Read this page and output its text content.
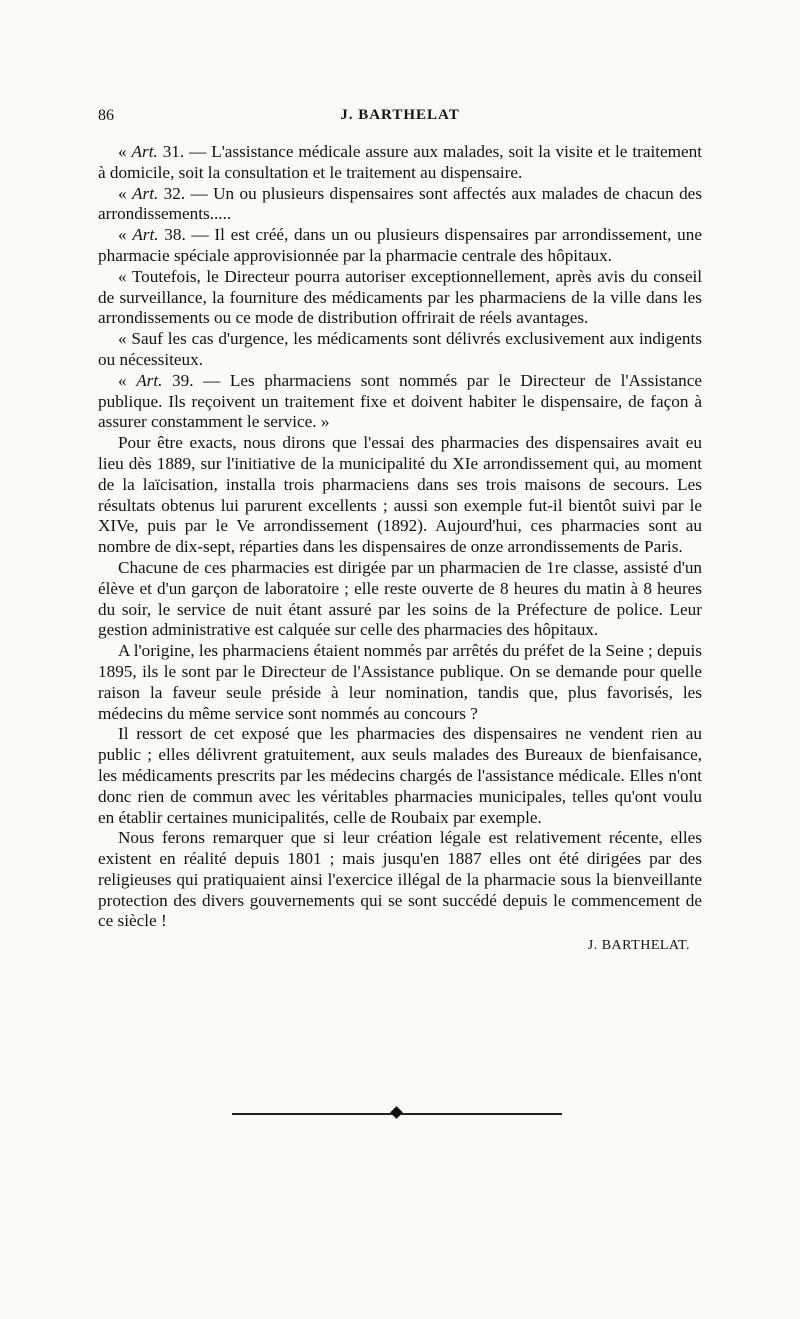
86	J. BARTHELAT

« Art. 31. — L'assistance médicale assure aux malades, soit la visite et le traitement à domicile, soit la consultation et le traitement au dispensaire.

« Art. 32. — Un ou plusieurs dispensaires sont affectés aux malades de chacun des arrondissements.....

« Art. 38. — Il est créé, dans un ou plusieurs dispensaires par arrondissement, une pharmacie spéciale approvisionnée par la pharmacie centrale des hôpitaux.

« Toutefois, le Directeur pourra autoriser exceptionnellement, après avis du conseil de surveillance, la fourniture des médicaments par les pharmaciens de la ville dans les arrondissements ou ce mode de distribution offrirait de réels avantages.

« Sauf les cas d'urgence, les médicaments sont délivrés exclusivement aux indigents ou nécessiteux.

« Art. 39. — Les pharmaciens sont nommés par le Directeur de l'Assistance publique. Ils reçoivent un traitement fixe et doivent habiter le dispensaire, de façon à assurer constamment le service. »

Pour être exacts, nous dirons que l'essai des pharmacies des dispensaires avait eu lieu dès 1889, sur l'initiative de la municipalité du XIe arrondissement qui, au moment de la laïcisation, installa trois pharmaciens dans ses trois maisons de secours. Les résultats obtenus lui parurent excellents ; aussi son exemple fut-il bientôt suivi par le XIVe, puis par le Ve arrondissement (1892). Aujourd'hui, ces pharmacies sont au nombre de dix-sept, réparties dans les dispensaires de onze arrondissements de Paris.

Chacune de ces pharmacies est dirigée par un pharmacien de 1re classe, assisté d'un élève et d'un garçon de laboratoire ; elle reste ouverte de 8 heures du matin à 8 heures du soir, le service de nuit étant assuré par les soins de la Préfecture de police. Leur gestion administrative est calquée sur celle des pharmacies des hôpitaux.

A l'origine, les pharmaciens étaient nommés par arrêtés du préfet de la Seine ; depuis 1895, ils le sont par le Directeur de l'Assistance publique. On se demande pour quelle raison la faveur seule préside à leur nomination, tandis que, plus favorisés, les médecins du même service sont nommés au concours ?

Il ressort de cet exposé que les pharmacies des dispensaires ne vendent rien au public ; elles délivrent gratuitement, aux seuls malades des Bureaux de bienfaisance, les médicaments prescrits par les médecins chargés de l'assistance médicale. Elles n'ont donc rien de commun avec les véritables pharmacies municipales, telles qu'ont voulu en établir certaines municipalités, celle de Roubaix par exemple.

Nous ferons remarquer que si leur création légale est relativement récente, elles existent en réalité depuis 1801 ; mais jusqu'en 1887 elles ont été dirigées par des religieuses qui pratiquaient ainsi l'exercice illégal de la pharmacie sous la bienveillante protection des divers gouvernements qui se sont succédé depuis le commencement de ce siècle !

J. BARTHELAT.
